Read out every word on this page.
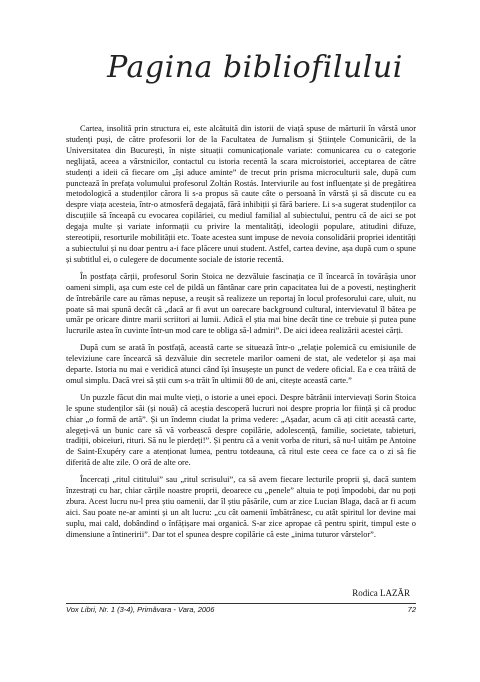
Pagina bibliofilului

Cartea, insolită prin structura ei, este alcătuită din istorii de viață spuse de mărturii în vârstă unor studenți puși, de către profesorii lor de la Facultatea de Jurnalism și Științele Comunicării, de la Universitatea din București, în niște situații comunicaționale variate: comunicarea cu o categorie neglijată, aceea a vârstnicilor, contactul cu istoria recentă la scara microistoriei, acceptarea de către studenți a ideii că fiecare om „își aduce aminte” de trecut prin prisma microculturii sale, după cum punctează în prefața volumului profesorul Zoltán Rostás. Interviurile au fost influențate și de pregătirea metodologică a studenților cărora li s-a propus să caute câte o persoană în vârstă și să discute cu ea despre viața acesteia, într-o atmosferă degajată, fără inhibiții și fără bariere. Li s-a sugerat studenților ca discuțiile să înceapă cu evocarea copilăriei, cu mediul familial al subiectului, pentru că de aici se pot degaja multe și variate informații cu privire la mentalități, ideologii populare, atitudini difuze, stereotipii, resorturile mobilității etc. Toate acestea sunt impuse de nevoia consolidării propriei identități a subiectului și nu doar pentru a-i face plăcere unui student. Astfel, cartea devine, așa după cum o spune și subtitlul ei, o culegere de documente sociale de istorie recentă.

În postfața cărții, profesorul Sorin Stoica ne dezvăluie fascinația ce îl încearcă în tovărășia unor oameni simpli, așa cum este cel de pildă un fântânar care prin capacitatea lui de a povesti, neștingherit de întrebările care au rămas nepuse, a reușit să realizeze un reportaj în locul profesorului care, uluit, nu poate să mai spună decât că „dacă ar fi avut un oarecare background cultural, intervievatul îl bătea pe umăr pe oricare dintre marii scriitori ai lumii. Adică el știa mai bine decât tine ce trebuie și putea pune lucrurile astea în cuvinte într-un mod care te obliga să-l admiri”. De aici ideea realizării acestei cărți.

După cum se arată în postfață, această carte se situează într-o „relație polemică cu emisiunile de televiziune care încearcă să dezvăluie din secretele marilor oameni de stat, ale vedetelor și așa mai departe. Istoria nu mai e veridică atunci când își însușește un punct de vedere oficial. Ea e cea trăită de omul simplu. Dacă vrei să știi cum s-a trăit în ultimii 80 de ani, citește această carte.”

Un puzzle făcut din mai multe vieți, o istorie a unei epoci. Despre bătrânii intervievați Sorin Stoica le spune studenților săi (și nouă) că aceștia descoperă lucruri noi despre propria lor ființă și că produc chiar „o formă de artă”. Și un îndemn ciudat la prima vedere: „Așadar, acum că ați citit această carte, alegeți-vă un bunic care să vă vorbească despre copilărie, adolescență, familie, societate, tabieturi, tradiții, obiceiuri, rituri. Să nu le pierdeți!”. Și pentru că a venit vorba de rituri, să nu-l uităm pe Antoine de Saint-Exupéry care a atenționat lumea, pentru totdeauna, că ritul este ceea ce face ca o zi să fie diferită de alte zile. O oră de alte ore.

Încercați „ritul cititului” sau „ritul scrisului”, ca să avem fiecare lecturile proprii și, dacă suntem înzestrați cu har, chiar cărțile noastre proprii, deoarece cu „penele” altuia te poți împodobi, dar nu poți zbura. Acest lucru nu-l prea știu oamenii, dar îl știu păsările, cum ar zice Lucian Blaga, dacă ar fi acum aici. Sau poate ne-ar aminti și un alt lucru: „cu cât oamenii îmbătrânesc, cu atât spiritul lor devine mai suplu, mai cald, dobândind o înfățișare mai organică. S-ar zice apropae că pentru spirit, timpul este o dimensiune a întineririi”. Dar tot el spunea despre copilărie că este „inima tuturor vârstelor”.

Rodica LAZĂR
Vox Libri, Nr. 1 (3-4), Primăvara - Vara, 2006	72
